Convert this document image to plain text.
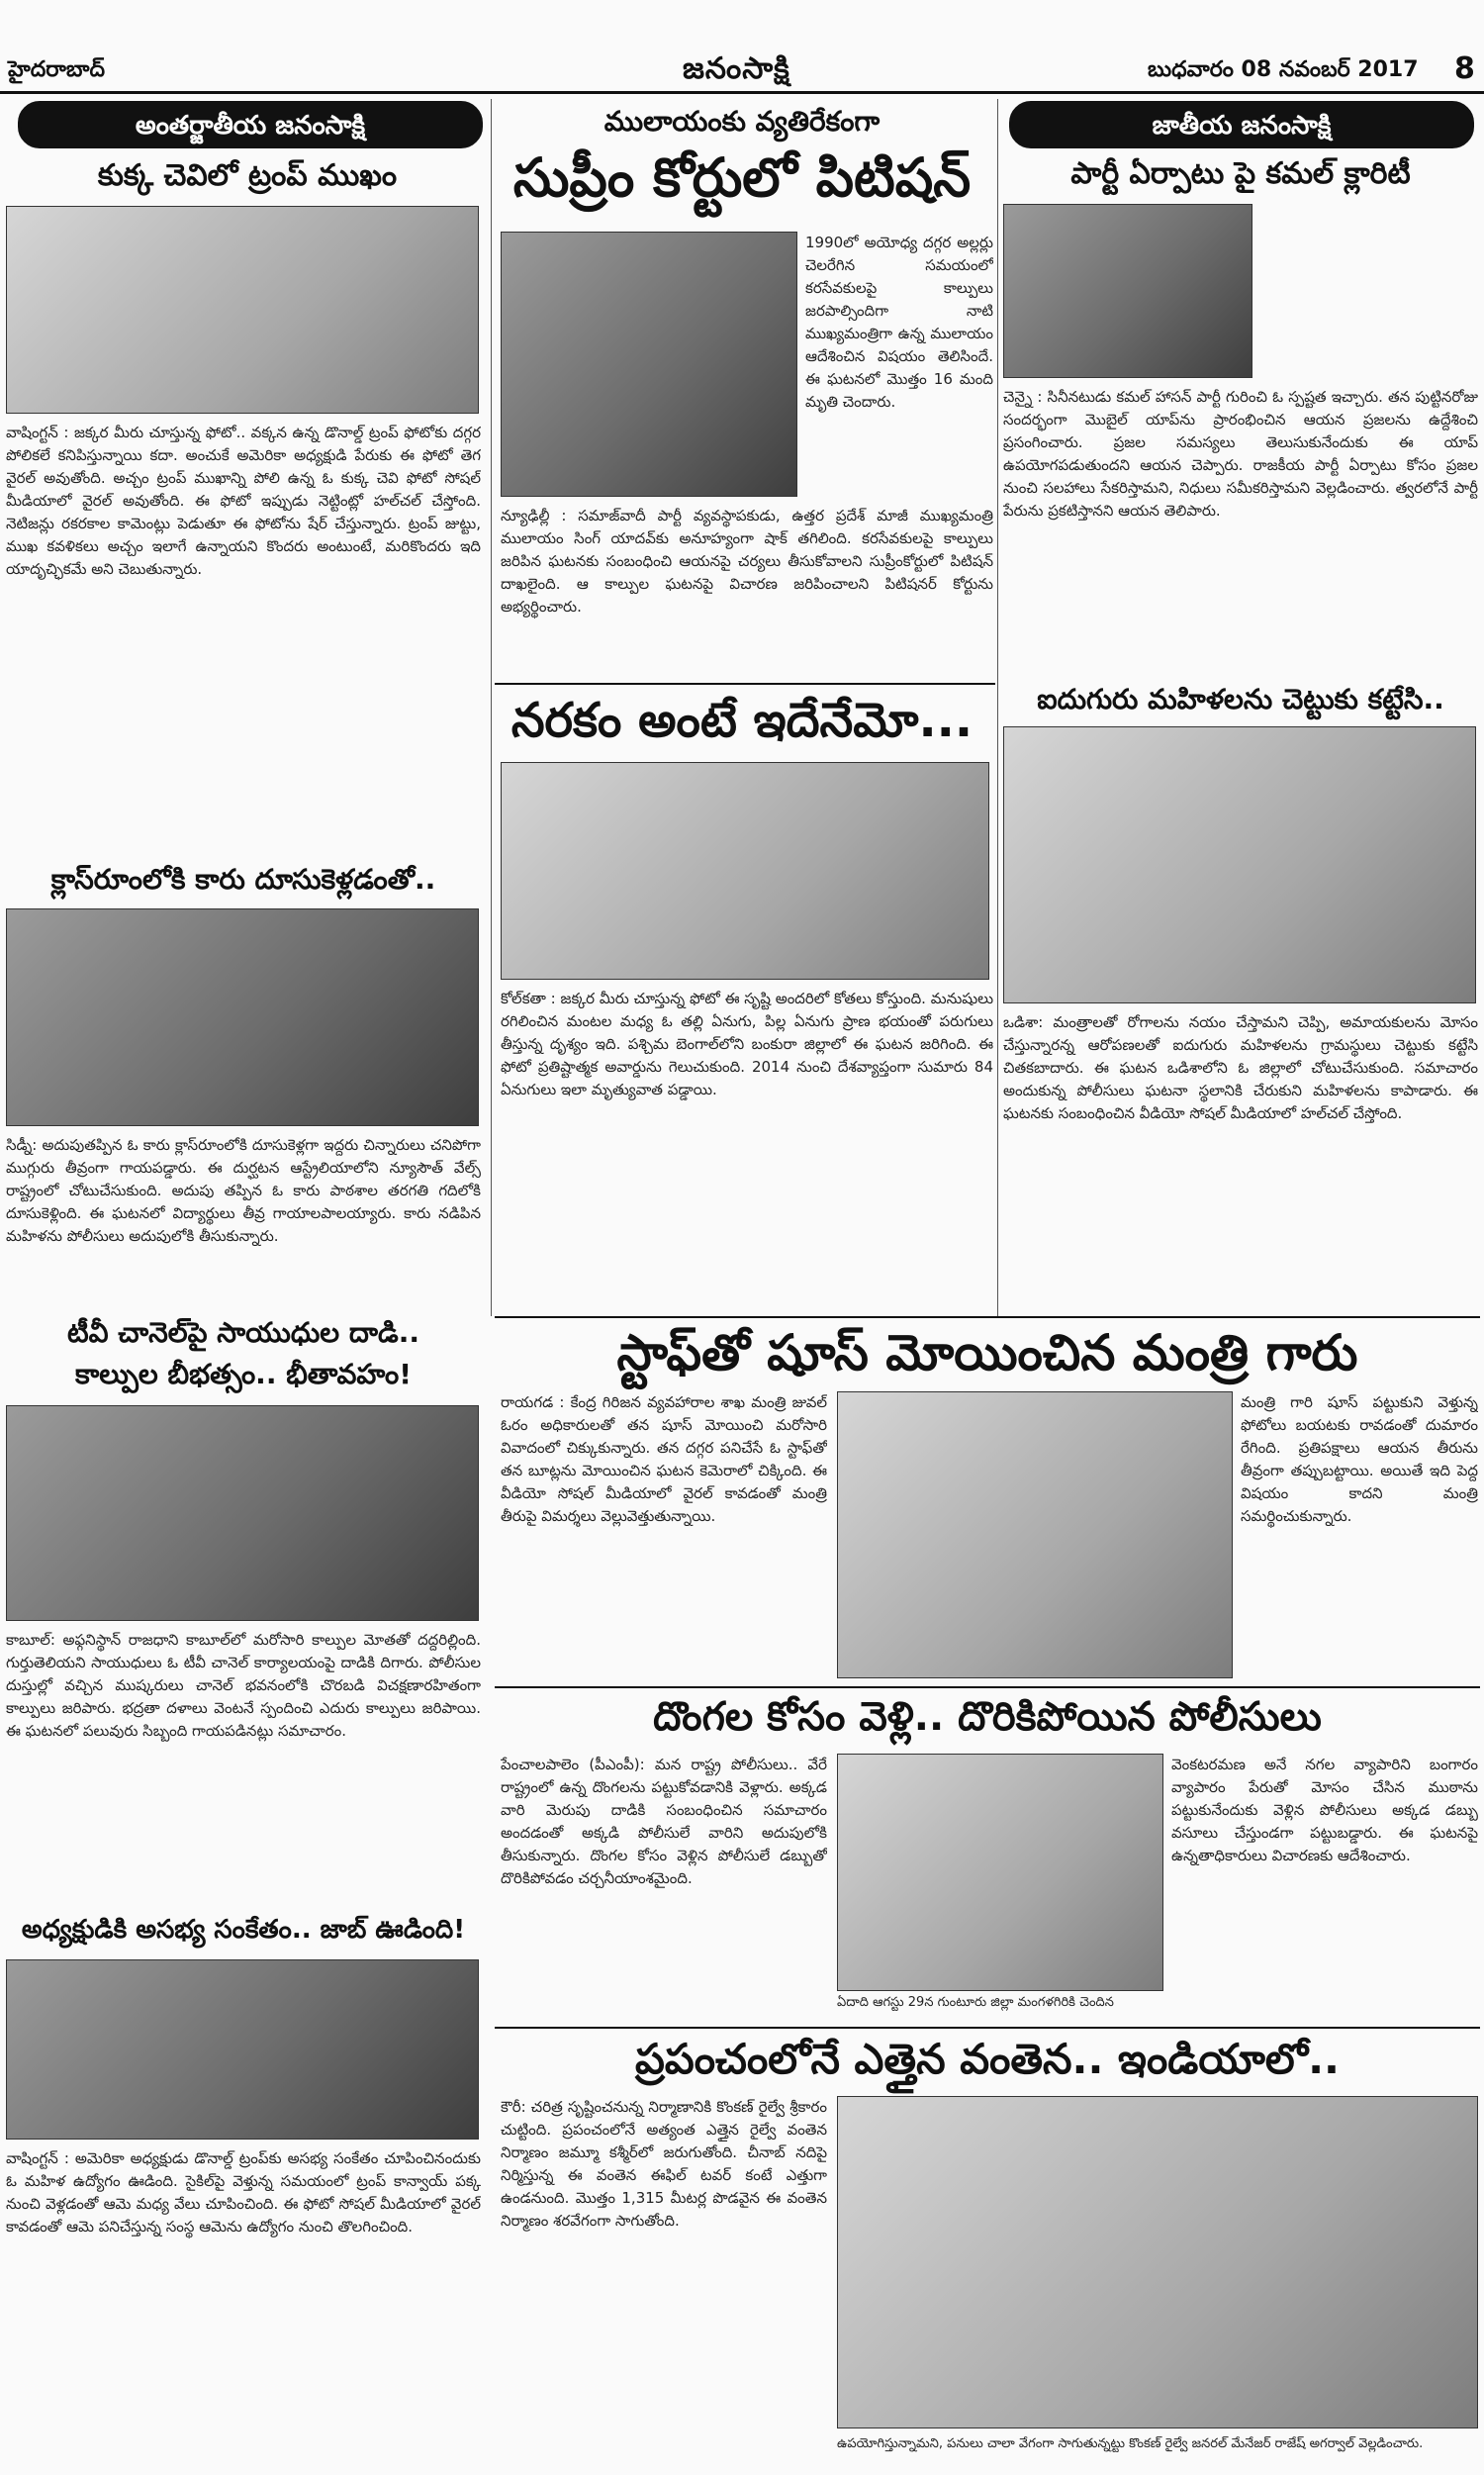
హైదరాబాద్	జనంసాక్షి	బుధవారం 08 నవంబర్ 2017 8
అంతర్జాతీయ జనంసాక్షి
కుక్క చెవిలో ట్రంప్ ముఖం
వాషింగ్టన్ : జక్కర మీరు చూస్తున్న ఫోటో.. వక్కన ఉన్న డొనాల్డ్ ట్రంప్ ఫోటోకు దగ్గర పోలికలే కనిపిస్తున్నాయి కదా. అంచుకే అమెరికా అధ్యక్షుడి పేరుకు ఈ ఫోటో తెగ వైరల్ అవుతోంది. అచ్చం ట్రంప్ ముఖాన్ని పోలి ఉన్న ఓ కుక్క చెవి ఫోటో సోషల్ మీడియాలో వైరల్ అవుతోంది. ఈ ఫోటో ఇప్పుడు నెట్టింట్లో హల్‌చల్ చేస్తోంది. నెటిజన్లు రకరకాల కామెంట్లు పెడుతూ ఈ ఫోటోను షేర్ చేస్తున్నారు. ట్రంప్ జుట్టు, ముఖ కవళికలు అచ్చం ఇలాగే ఉన్నాయని కొందరు అంటుంటే, మరికొందరు ఇది యాదృచ్ఛికమే అని చెబుతున్నారు.
క్లాస్‌రూంలోకి కారు దూసుకెళ్లడంతో..
సిడ్నీ: అదుపుతప్పిన ఓ కారు క్లాస్‌రూంలోకి దూసుకెళ్లగా ఇద్దరు చిన్నారులు చనిపోగా ముగ్గురు తీవ్రంగా గాయపడ్డారు. ఈ దుర్ఘటన ఆస్ట్రేలియాలోని న్యూసౌత్ వేల్స్ రాష్ట్రంలో చోటుచేసుకుంది. అదుపు తప్పిన ఓ కారు పాఠశాల తరగతి గదిలోకి దూసుకెళ్లింది. ఈ ఘటనలో విద్యార్థులు తీవ్ర గాయాలపాలయ్యారు. కారు నడిపిన మహిళను పోలీసులు అదుపులోకి తీసుకున్నారు.
టీవీ చానెల్‌పై సాయుధుల దాడి..
కాల్పుల బీభత్సం.. భీతావహం!
కాబూల్: అఫ్గనిస్థాన్ రాజధాని కాబూల్‌లో మరోసారి కాల్పుల మోతతో దద్దరిల్లింది. గుర్తుతెలియని సాయుధులు ఓ టీవీ చానెల్ కార్యాలయంపై దాడికి దిగారు. పోలీసుల దుస్తుల్లో వచ్చిన ముష్కరులు చానెల్ భవనంలోకి చొరబడి విచక్షణారహితంగా కాల్పులు జరిపారు. భద్రతా దళాలు వెంటనే స్పందించి ఎదురు కాల్పులు జరిపాయి. ఈ ఘటనలో పలువురు సిబ్బంది గాయపడినట్లు సమాచారం.
అధ్యక్షుడికి అసభ్య సంకేతం.. జాబ్ ఊడింది!
వాషింగ్టన్ : అమెరికా అధ్యక్షుడు డొనాల్డ్ ట్రంప్‌కు అసభ్య సంకేతం చూపించినందుకు ఓ మహిళ ఉద్యోగం ఊడింది. సైకిల్‌పై వెళ్తున్న సమయంలో ట్రంప్ కాన్వాయ్ పక్క నుంచి వెళ్లడంతో ఆమె మధ్య వేలు చూపించింది. ఈ ఫోటో సోషల్ మీడియాలో వైరల్ కావడంతో ఆమె పనిచేస్తున్న సంస్థ ఆమెను ఉద్యోగం నుంచి తొలగించింది.
ములాయంకు వ్యతిరేకంగా
సుప్రీం కోర్టులో పిటిషన్
1990లో అయోధ్య దగ్గర అల్లర్లు చెలరేగిన సమయంలో కరసేవకులపై కాల్పులు జరపాల్సిందిగా నాటి ముఖ్యమంత్రిగా ఉన్న ములాయం ఆదేశించిన విషయం తెలిసిందే. ఈ ఘటనలో మొత్తం 16 మంది మృతి చెందారు.
న్యూఢిల్లీ : సమాజ్‌వాదీ పార్టీ వ్యవస్థాపకుడు, ఉత్తర ప్రదేశ్ మాజీ ముఖ్యమంత్రి ములాయం సింగ్ యాదవ్‌కు అనూహ్యంగా షాక్ తగిలింది. కరసేవకులపై కాల్పులు జరిపిన ఘటనకు సంబంధించి ఆయనపై చర్యలు తీసుకోవాలని సుప్రీంకోర్టులో పిటిషన్ దాఖలైంది. ఆ కాల్పుల ఘటనపై విచారణ జరిపించాలని పిటిషనర్ కోర్టును అభ్యర్థించారు.
నరకం అంటే ఇదేనేమో...
కోల్‌కతా : జక్కర మీరు చూస్తున్న ఫోటో ఈ సృష్టి అందరిలో కోతలు కోస్తుంది. మనుషులు రగిలించిన మంటల మధ్య ఓ తల్లి ఏనుగు, పిల్ల ఏనుగు ప్రాణ భయంతో పరుగులు తీస్తున్న దృశ్యం ఇది. పశ్చిమ బెంగాల్‌లోని బంకురా జిల్లాలో ఈ ఘటన జరిగింది. ఈ ఫోటో ప్రతిష్టాత్మక అవార్డును గెలుచుకుంది. 2014 నుంచి దేశవ్యాప్తంగా సుమారు 84 ఏనుగులు ఇలా మృత్యువాత పడ్డాయి.
జాతీయ జనంసాక్షి
పార్టీ ఏర్పాటు పై కమల్ క్లారిటీ
చెన్నై : సినీనటుడు కమల్ హాసన్ పార్టీ గురించి ఓ స్పష్టత ఇచ్చారు. తన పుట్టినరోజు సందర్భంగా మొబైల్ యాప్‌ను ప్రారంభించిన ఆయన ప్రజలను ఉద్దేశించి ప్రసంగించారు. ప్రజల సమస్యలు తెలుసుకునేందుకు ఈ యాప్ ఉపయోగపడుతుందని ఆయన చెప్పారు. రాజకీయ పార్టీ ఏర్పాటు కోసం ప్రజల నుంచి సలహాలు సేకరిస్తామని, నిధులు సమీకరిస్తామని వెల్లడించారు. త్వరలోనే పార్టీ పేరును ప్రకటిస్తానని ఆయన తెలిపారు.
ఐదుగురు మహిళలను చెట్టుకు కట్టేసి..
ఒడిశా: మంత్రాలతో రోగాలను నయం చేస్తామని చెప్పి, అమాయకులను మోసం చేస్తున్నారన్న ఆరోపణలతో ఐదుగురు మహిళలను గ్రామస్థులు చెట్టుకు కట్టేసి చితకబాదారు. ఈ ఘటన ఒడిశాలోని ఓ జిల్లాలో చోటుచేసుకుంది. సమాచారం అందుకున్న పోలీసులు ఘటనా స్థలానికి చేరుకుని మహిళలను కాపాడారు. ఈ ఘటనకు సంబంధించిన వీడియో సోషల్ మీడియాలో హల్‌చల్ చేస్తోంది.
స్టాఫ్‌తో షూస్ మోయించిన మంత్రి గారు
రాయగడ : కేంద్ర గిరిజన వ్యవహారాల శాఖ మంత్రి జువల్ ఓరం అధికారులతో తన షూస్ మోయించి మరోసారి వివాదంలో చిక్కుకున్నారు. తన దగ్గర పనిచేసే ఓ స్టాఫ్‌తో తన బూట్లను మోయించిన ఘటన కెమెరాలో చిక్కింది. ఈ వీడియో సోషల్ మీడియాలో వైరల్ కావడంతో మంత్రి తీరుపై విమర్శలు వెల్లువెత్తుతున్నాయి.
మంత్రి గారి షూస్ పట్టుకుని వెళ్తున్న ఫోటోలు బయటకు రావడంతో దుమారం రేగింది. ప్రతిపక్షాలు ఆయన తీరును తీవ్రంగా తప్పుబట్టాయి. అయితే ఇది పెద్ద విషయం కాదని మంత్రి సమర్థించుకున్నారు.
దొంగల కోసం వెళ్లి.. దొరికిపోయిన పోలీసులు
పేంచాలపాలెం (పీఎంపీ): మన రాష్ట్ర పోలీసులు.. వేరే రాష్ట్రంలో ఉన్న దొంగలను పట్టుకోవడానికి వెళ్లారు. అక్కడ వారి మెరుపు దాడికి సంబంధించిన సమాచారం అందడంతో అక్కడి పోలీసులే వారిని అదుపులోకి తీసుకున్నారు. దొంగల కోసం వెళ్లిన పోలీసులే డబ్బుతో దొరికిపోవడం చర్చనీయాంశమైంది.
ఏదాది ఆగస్టు 29న గుంటూరు జిల్లా మంగళగిరికి చెందిన
వెంకటరమణ అనే నగల వ్యాపారిని బంగారం వ్యాపారం పేరుతో మోసం చేసిన ముఠాను పట్టుకునేందుకు వెళ్లిన పోలీసులు అక్కడ డబ్బు వసూలు చేస్తుండగా పట్టుబడ్డారు. ఈ ఘటనపై ఉన్నతాధికారులు విచారణకు ఆదేశించారు.
ప్రపంచంలోనే ఎత్తైన వంతెన.. ఇండియాలో..
కౌరీ: చరిత్ర సృష్టించనున్న నిర్మాణానికి కొంకణ్ రైల్వే శ్రీకారం చుట్టింది. ప్రపంచంలోనే అత్యంత ఎత్తైన రైల్వే వంతెన నిర్మాణం జమ్మూ కశ్మీర్‌లో జరుగుతోంది. చీనాబ్ నదిపై నిర్మిస్తున్న ఈ వంతెన ఈఫిల్ టవర్ కంటే ఎత్తుగా ఉండనుంది. మొత్తం 1,315 మీటర్ల పొడవైన ఈ వంతెన నిర్మాణం శరవేగంగా సాగుతోంది.
ఉపయోగిస్తున్నామని, పనులు చాలా వేగంగా సాగుతున్నట్టు కొంకణ్ రైల్వే జనరల్ మేనేజర్ రాజేష్ అగర్వాల్ వెల్లడించారు.
